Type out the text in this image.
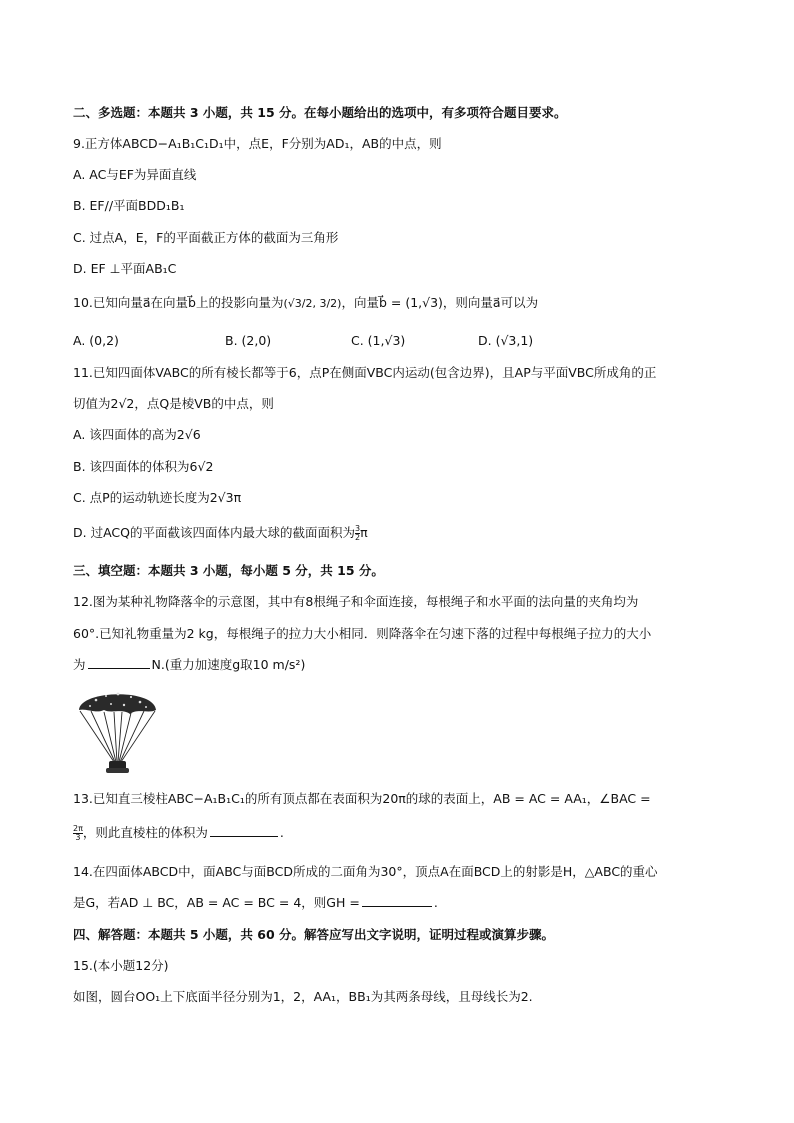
二、多选题：本题共 3 小题，共 15 分。在每小题给出的选项中，有多项符合题目要求。
9.正方体ABCD−A₁B₁C₁D₁中，点E，F分别为AD₁，AB的中点，则
A. AC与EF为异面直线
B. EF//平面BDD₁B₁
C. 过点A，E，F的平面截正方体的截面为三角形
D. EF ⊥平面AB₁C
10.已知向量a⃗在向量b⃗上的投影向量为(√3/2, 3/2)，向量b⃗ = (1,√3)，则向量a⃗可以为
A. (0,2)	B. (2,0)	C. (1,√3)	D. (√3,1)
11.已知四面体VABC的所有棱长都等于6，点P在侧面VBC内运动(包含边界)，且AP与平面VBC所成角的正
切值为2√2，点Q是棱VB的中点，则
A. 该四面体的高为2√6
B. 该四面体的体积为6√2
C. 点P的运动轨迹长度为2√3π
D. 过ACQ的平面截该四面体内最大球的截面面积为 $\frac{3}{2}$ π
三、填空题：本题共 3 小题，每小题 5 分，共 15 分。
12.图为某种礼物降落伞的示意图，其中有8根绳子和伞面连接，每根绳子和水平面的法向量的夹角均为
60°.已知礼物重量为2 kg，每根绳子的拉力大小相同．则降落伞在匀速下落的过程中每根绳子拉力的大小
为	N.(重力加速度g取10 m/s²)
13.已知直三棱柱ABC−A₁B₁C₁的所有顶点都在表面积为20π的球的表面上，AB = AC = AA₁，∠BAC =
$\frac{2\pi}{3}$ ，则此直棱柱的体积为	.
14.在四面体ABCD中，面ABC与面BCD所成的二面角为30°，顶点A在面BCD上的射影是H，△ABC的重心
是G，若AD ⊥ BC，AB = AC = BC = 4，则GH =	.
四、解答题：本题共 5 小题，共 60 分。解答应写出文字说明，证明过程或演算步骤。
15.(本小题12分)
如图，圆台OO₁上下底面半径分别为1，2，AA₁，BB₁为其两条母线，且母线长为2.
